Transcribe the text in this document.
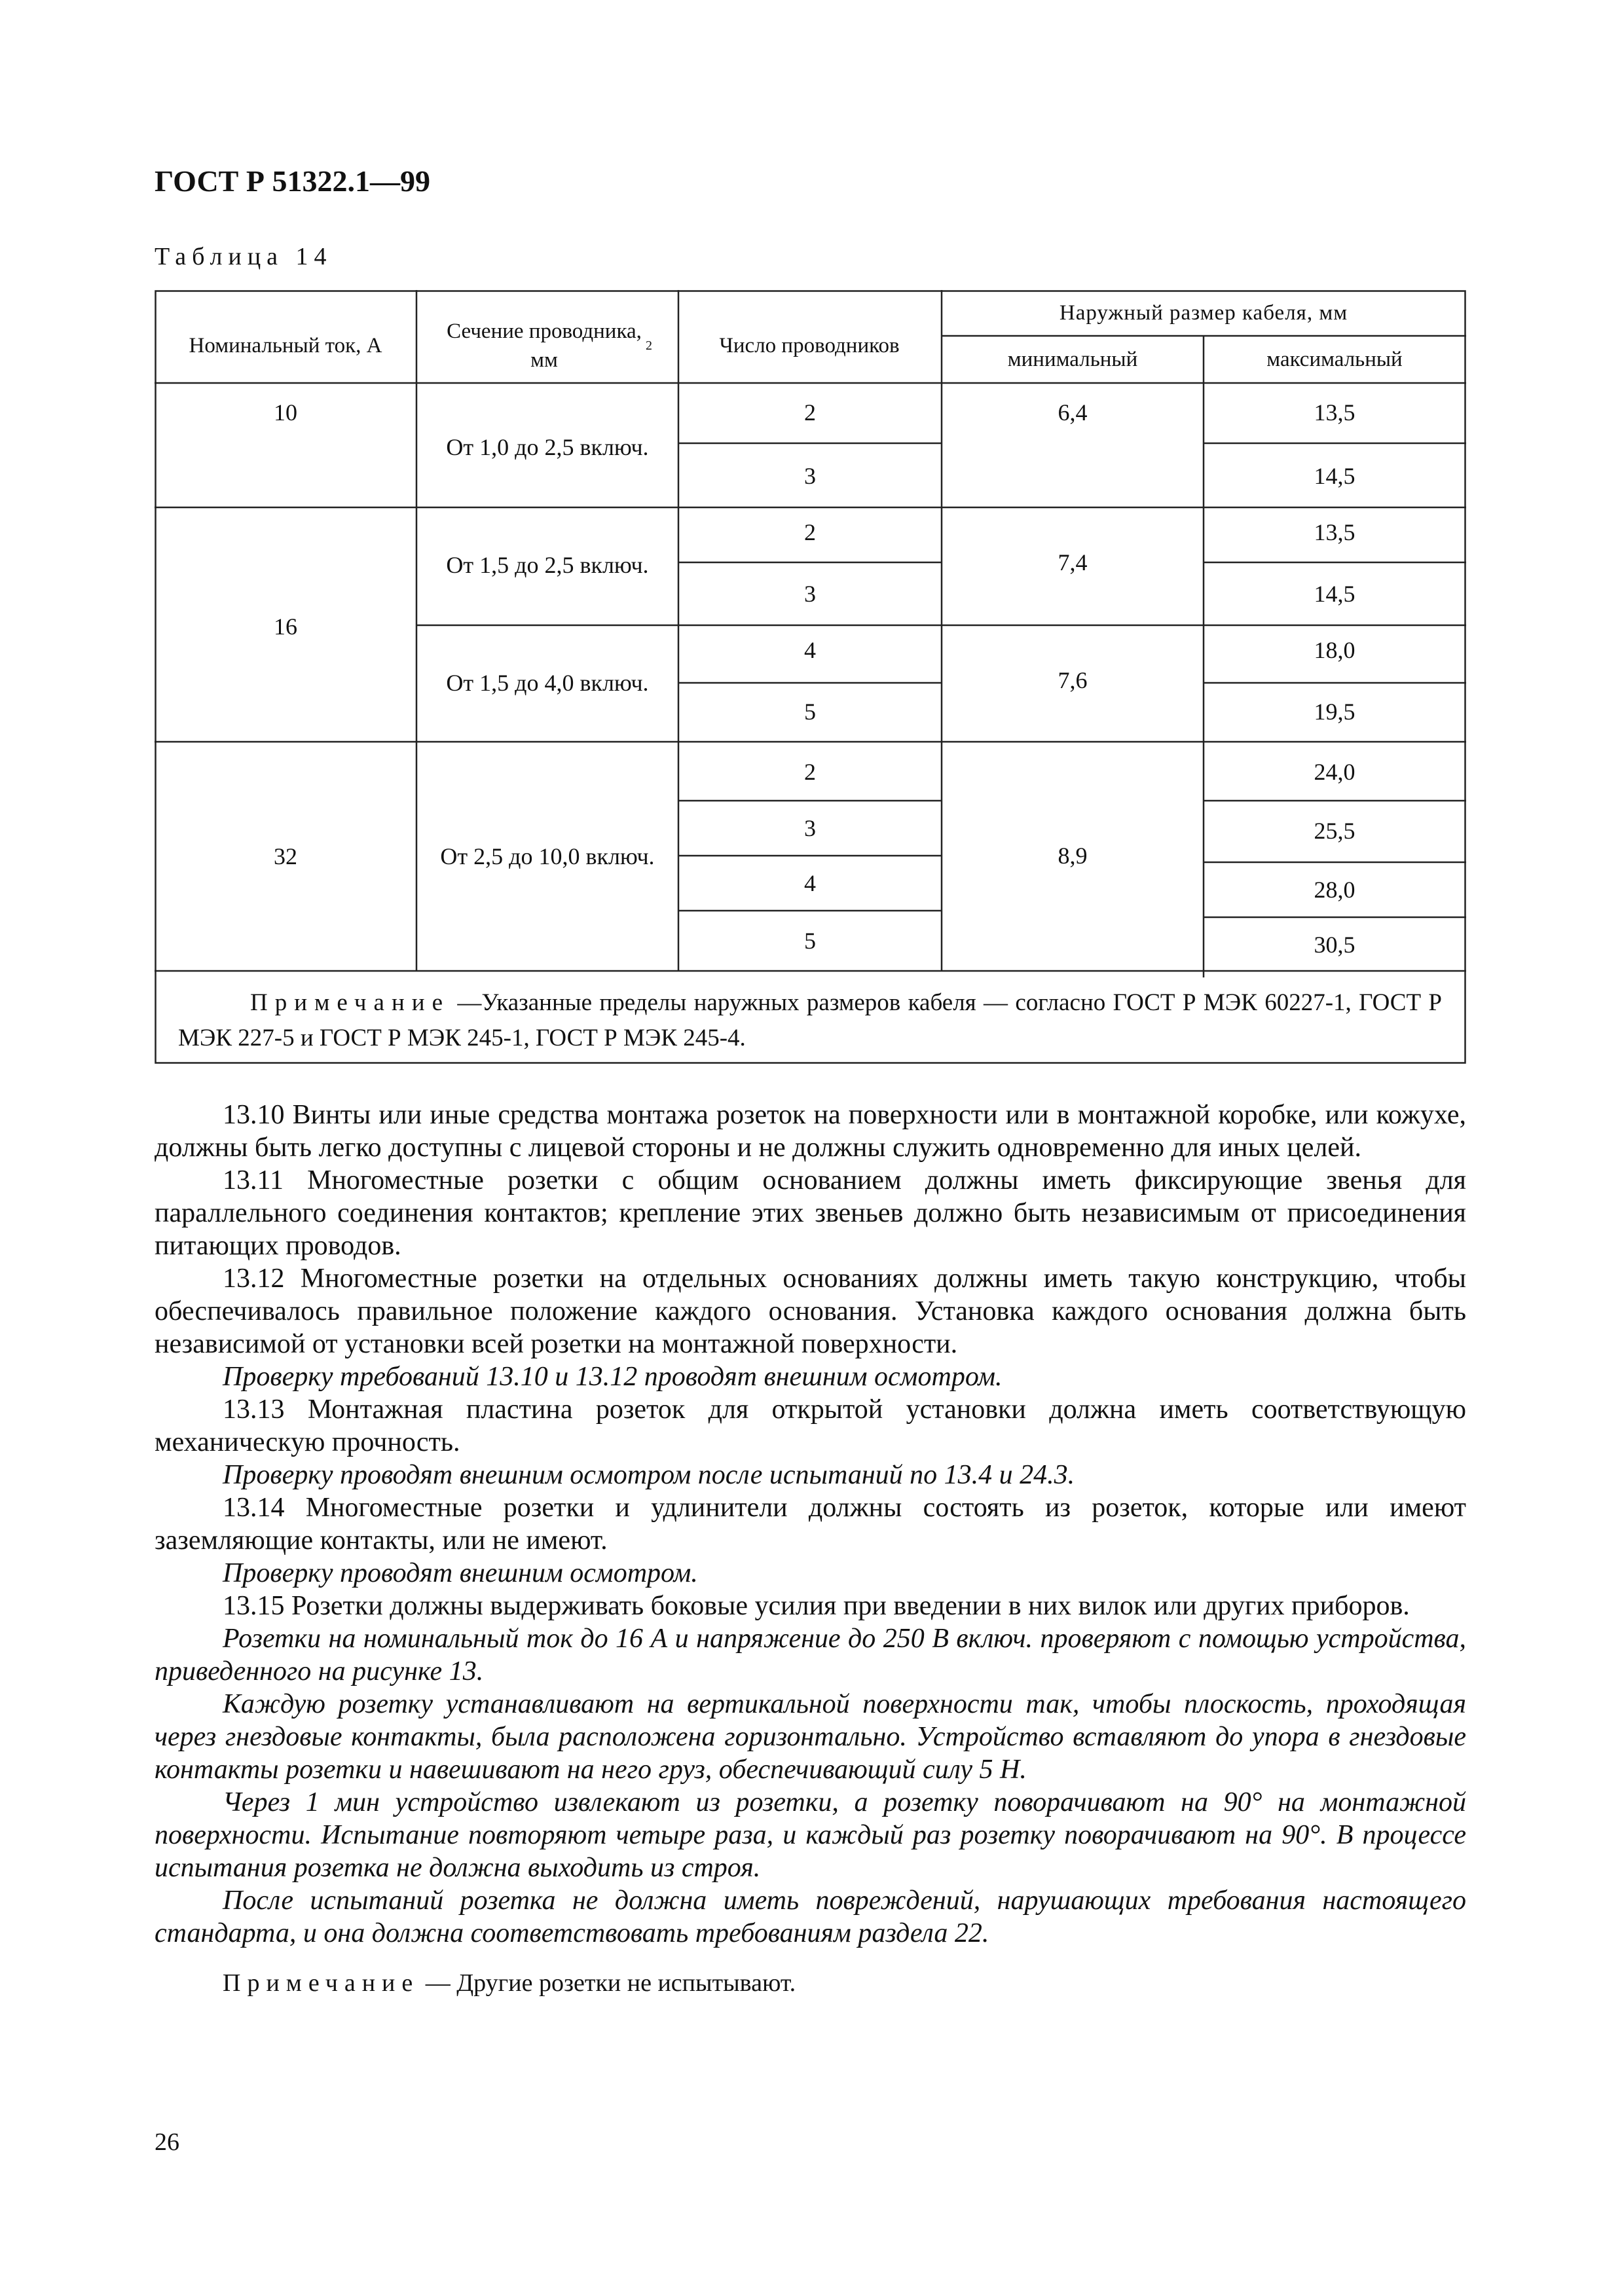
ГОСТ Р 51322.1—99
Таблица 14
Номинальный ток, А
Сечение проводника, мм
2	Число проводников
Наружный размер кабеля, мм
минимальный	максимальный
10
16
32
От 1,0 до 2,5 включ.
От 1,5 до 2,5 включ.
От 1,5 до 4,0 включ.
От 2,5 до 10,0 включ.
2
3
2
3
4
5
2
3
4
5
6,4
7,4
7,6
8,9
13,5
14,5
13,5
14,5
18,0
19,5
24,0
25,5
28,0
30,5
Примечание —Указанные пределы наружных размеров кабеля — согласно ГОСТ Р МЭК 60227-1, ГОСТ Р МЭК 227-5 и ГОСТ Р МЭК 245-1, ГОСТ Р МЭК 245-4.

13.10 Винты или иные средства монтажа розеток на поверхности или в монтажной коробке, или кожухе, должны быть легко доступны с лицевой стороны и не должны служить одновременно для иных целей.

13.11 Многоместные розетки с общим основанием должны иметь фиксирующие звенья для параллельного соединения контактов; крепление этих звеньев должно быть независимым от присоединения питающих проводов.

13.12 Многоместные розетки на отдельных основаниях должны иметь такую конструкцию, чтобы обеспечивалось правильное положение каждого основания. Установка каждого основания должна быть независимой от установки всей розетки на монтажной поверхности.

Проверку требований 13.10 и 13.12 проводят внешним осмотром.

13.13 Монтажная пластина розеток для открытой установки должна иметь соответствующую механическую прочность.

Проверку проводят внешним осмотром после испытаний по 13.4 и 24.3.

13.14 Многоместные розетки и удлинители должны состоять из розеток, которые или имеют заземляющие контакты, или не имеют.

Проверку проводят внешним осмотром.

13.15 Розетки должны выдерживать боковые усилия при введении в них вилок или других приборов.

Розетки на номинальный ток до 16 А и напряжение до 250 В включ. проверяют с помощью устройства, приведенного на рисунке 13.

Каждую розетку устанавливают на вертикальной поверхности так, чтобы плоскость, проходящая через гнездовые контакты, была расположена горизонтально. Устройство вставляют до упора в гнездовые контакты розетки и навешивают на него груз, обеспечивающий силу 5 Н.

Через 1 мин устройство извлекают из розетки, а розетку поворачивают на 90° на монтажной поверхности. Испытание повторяют четыре раза, и каждый раз розетку поворачивают на 90°. В процессе испытания розетка не должна выходить из строя.

После испытаний розетка не должна иметь повреждений, нарушающих требования настоящего стандарта, и она должна соответствовать требованиям раздела 22.

Примечание — Другие розетки не испытывают.

26
